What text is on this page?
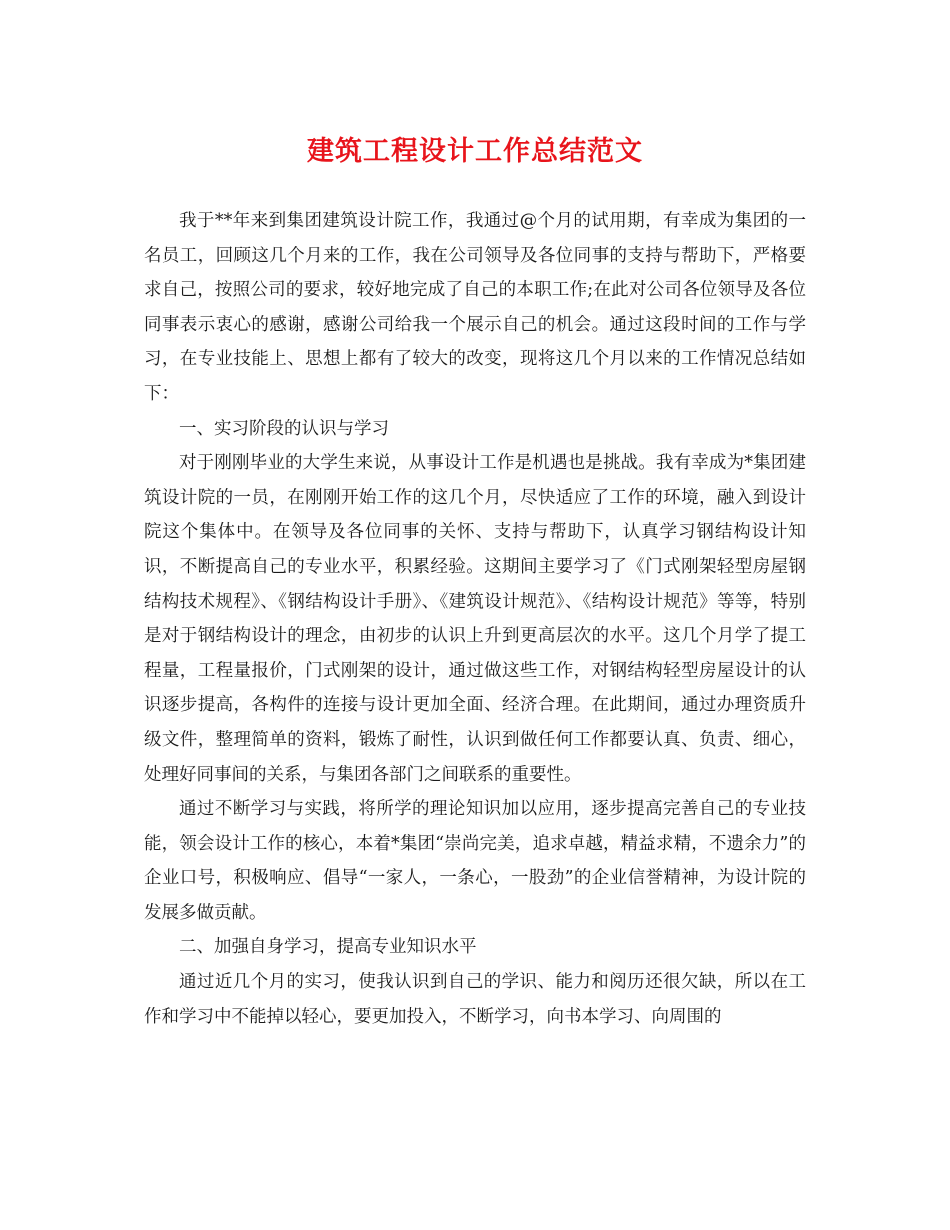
建筑工程设计工作总结范文

我于**年来到集团建筑设计院工作，我通过@个月的试用期，有幸成为集团的一名员工，回顾这几个月来的工作，我在公司领导及各位同事的支持与帮助下，严格要求自己，按照公司的要求，较好地完成了自己的本职工作;在此对公司各位领导及各位同事表示衷心的感谢，感谢公司给我一个展示自己的机会。通过这段时间的工作与学习，在专业技能上、思想上都有了较大的改变，现将这几个月以来的工作情况总结如下：

一、实习阶段的认识与学习

对于刚刚毕业的大学生来说，从事设计工作是机遇也是挑战。我有幸成为*集团建筑设计院的一员，在刚刚开始工作的这几个月，尽快适应了工作的环境，融入到设计院这个集体中。在领导及各位同事的关怀、支持与帮助下，认真学习钢结构设计知识，不断提高自己的专业水平，积累经验。这期间主要学习了《门式刚架轻型房屋钢结构技术规程》、《钢结构设计手册》、《建筑设计规范》、《结构设计规范》等等，特别是对于钢结构设计的理念，由初步的认识上升到更高层次的水平。这几个月学了提工程量，工程量报价，门式刚架的设计，通过做这些工作，对钢结构轻型房屋设计的认识逐步提高，各构件的连接与设计更加全面、经济合理。在此期间，通过办理资质升级文件，整理简单的资料，锻炼了耐性，认识到做任何工作都要认真、负责、细心，处理好同事间的关系，与集团各部门之间联系的重要性。

通过不断学习与实践，将所学的理论知识加以应用，逐步提高完善自己的专业技能，领会设计工作的核心，本着*集团“崇尚完美，追求卓越，精益求精，不遗余力”的企业口号，积极响应、倡导“一家人，一条心，一股劲”的企业信誉精神，为设计院的发展多做贡献。

二、加强自身学习，提高专业知识水平

通过近几个月的实习，使我认识到自己的学识、能力和阅历还很欠缺，所以在工作和学习中不能掉以轻心，要更加投入，不断学习，向书本学习、向周围的
